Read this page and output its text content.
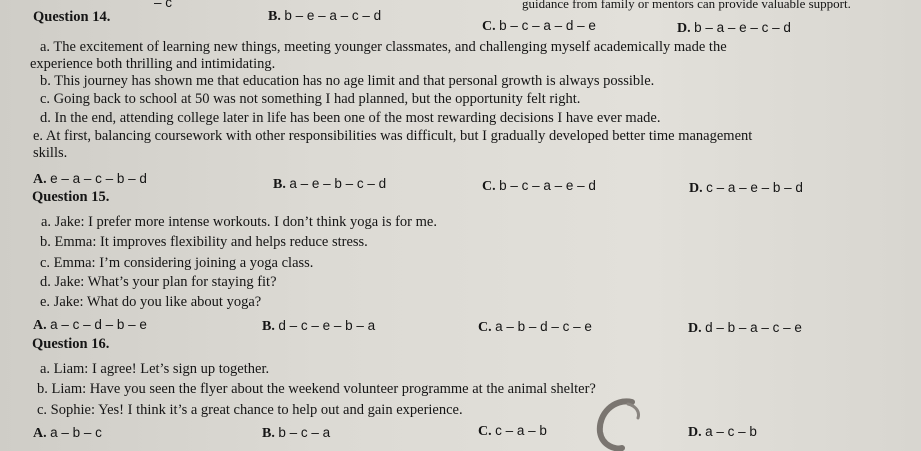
– c	guidance from family or mentors can provide valuable support.
Question 14.	B. b – e – a – c – d
C. b – c – a – d – e	D. b – a – e – c – d
a. The excitement of learning new things, meeting younger classmates, and challenging myself academically made the
experience both thrilling and intimidating.
b. This journey has shown me that education has no age limit and that personal growth is always possible.
c. Going back to school at 50 was not something I had planned, but the opportunity felt right.
d. In the end, attending college later in life has been one of the most rewarding decisions I have ever made.
e. At first, balancing coursework with other responsibilities was difficult, but I gradually developed better time management
skills.
A. e – a – c – b – d	B. a – e – b – c – d	C. b – c – a – e – d	D. c – a – e – b – d
Question 15.
a. Jake: I prefer more intense workouts. I don’t think yoga is for me.
b. Emma: It improves flexibility and helps reduce stress.
c. Emma: I’m considering joining a yoga class.
d. Jake: What’s your plan for staying fit?
e. Jake: What do you like about yoga?
A. a – c – d – b – e	B. d – c – e – b – a	C. a – b – d – c – e	D. d – b – a – c – e
Question 16.
a. Liam: I agree! Let’s sign up together.
b. Liam: Have you seen the flyer about the weekend volunteer programme at the animal shelter?
c. Sophie: Yes! I think it’s a great chance to help out and gain experience.
A. a – b – c	B. b – c – a	C. c – a – b	D. a – c – b
